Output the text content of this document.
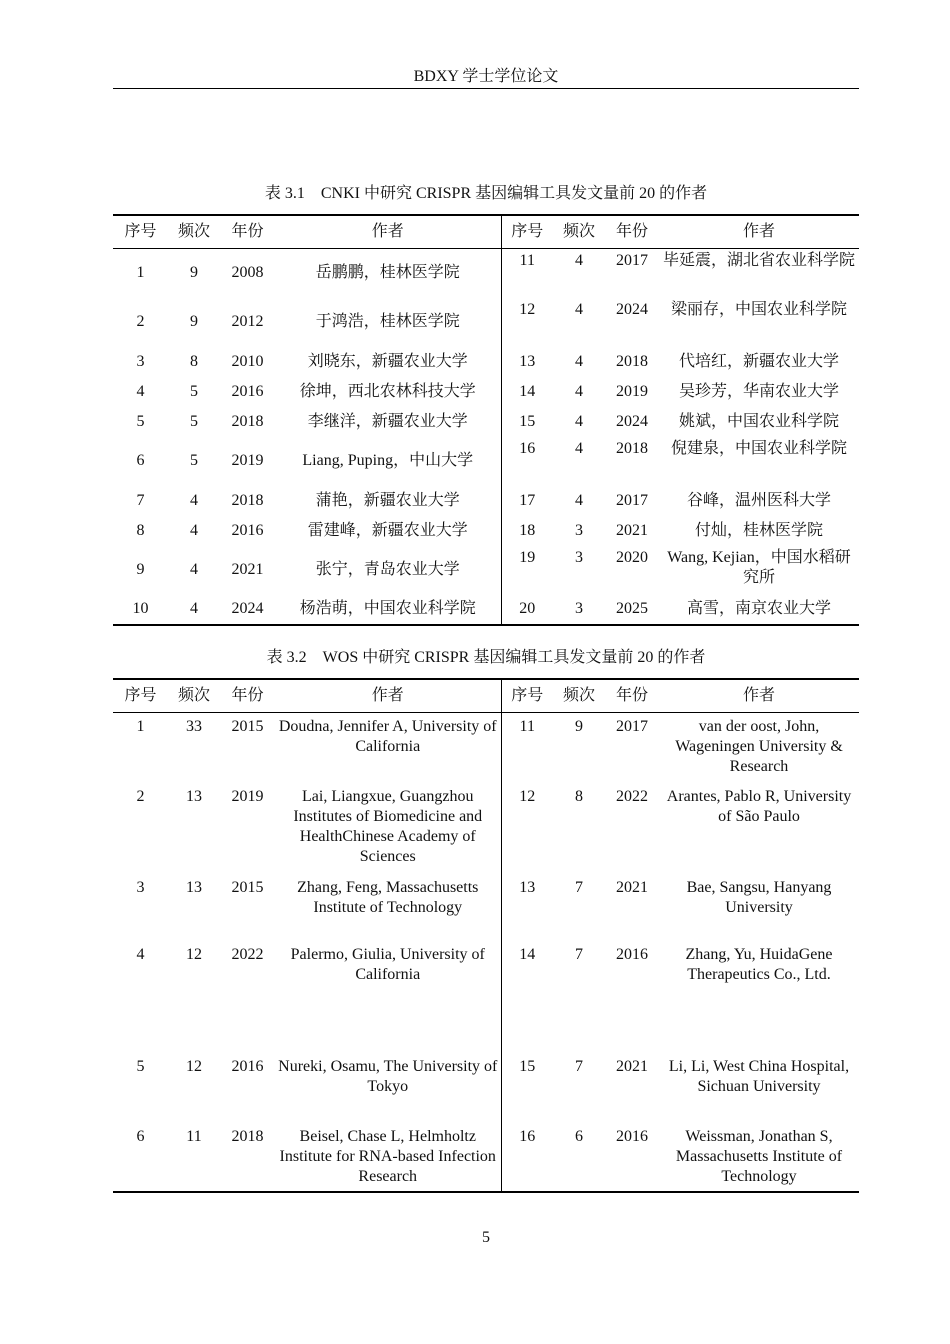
BDXY 学士学位论文
表 3.1 CNKI 中研究 CRISPR 基因编辑工具发文量前 20 的作者
序号	频次	年份	作者	序号	频次	年份	作者
1	9	2008	岳鹏鹏，桂林医学院	11	4	2017	毕延震，湖北省农业科学院
2	9	2012	于鸿浩，桂林医学院	12	4	2024	梁丽存，中国农业科学院
3	8	2010	刘晓东，新疆农业大学	13	4	2018	代培红，新疆农业大学
4	5	2016	徐坤，西北农林科技大学	14	4	2019	吴珍芳，华南农业大学
5	5	2018	李继洋，新疆农业大学	15	4	2024	姚斌，中国农业科学院
6	5	2019	Liang, Puping，中山大学	16	4	2018	倪建泉，中国农业科学院
7	4	2018	蒲艳，新疆农业大学	17	4	2017	谷峰，温州医科大学
8	4	2016	雷建峰，新疆农业大学	18	3	2021	付灿，桂林医学院
9	4	2021	张宁，青岛农业大学	19	3	2020	Wang, Kejian，中国水稻研究所
10	4	2024	杨浩萌，中国农业科学院	20	3	2025	高雪，南京农业大学
表 3.2 WOS 中研究 CRISPR 基因编辑工具发文量前 20 的作者
序号	频次	年份	作者	序号	频次	年份	作者
1	33	2015	Doudna, Jennifer A, University of California	11	9	2017	van der oost, John, Wageningen University & Research
2	13	2019	Lai, Liangxue, Guangzhou Institutes of Biomedicine and HealthChinese Academy of Sciences	12	8	2022	Arantes, Pablo R, University of São Paulo
3	13	2015	Zhang, Feng, Massachusetts Institute of Technology	13	7	2021	Bae, Sangsu, Hanyang University
4	12	2022	Palermo, Giulia, University of California	14	7	2016	Zhang, Yu, HuidaGene Therapeutics Co., Ltd.
5	12	2016	Nureki, Osamu, The University of Tokyo	15	7	2021	Li, Li, West China Hospital, Sichuan University
6	11	2018	Beisel, Chase L, Helmholtz Institute for RNA-based Infection Research	16	6	2016	Weissman, Jonathan S, Massachusetts Institute of Technology
5
